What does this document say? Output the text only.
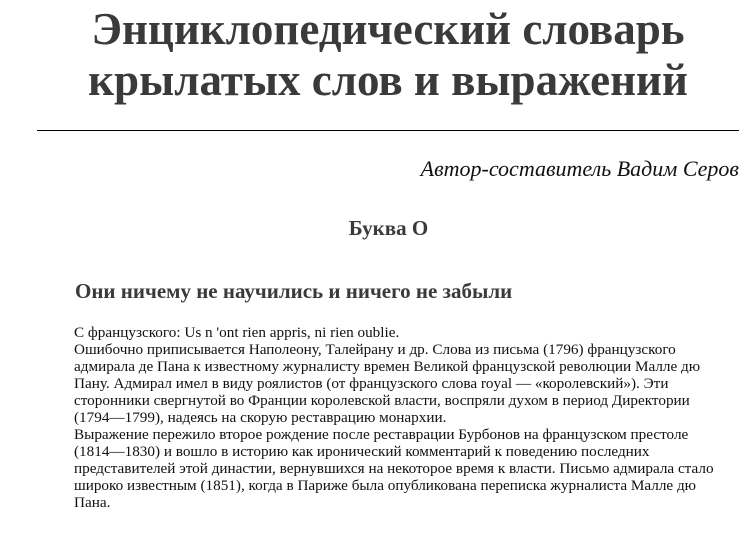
Энциклопедический словарь
крылатых слов и выражений

Автор-составитель Вадим Серов

Буква О
Они ничему не научились и ничего не забыли

С французского: Us n 'ont rien appris, ni rien oublie.

Ошибочно приписывается Наполеону, Талейрану и др. Слова из письма (1796) французского адмирала де Пана к известному журналисту времен Великой французской революции Малле дю Пану. Адмирал имел в виду роялистов (от французского слова royal — «королевский»). Эти сторонники свергнутой во Франции королевской власти, воспряли духом в период Директории (1794—1799), надеясь на скорую реставрацию монархии.

Выражение пережило второе рождение после реставрации Бурбонов на французском престоле (1814—1830) и вошло в историю как иронический комментарий к поведению последних представителей этой династии, вернувшихся на некоторое время к власти. Письмо адмирала стало широко известным (1851), когда в Париже была опубликована переписка журналиста Малле дю Пана.
